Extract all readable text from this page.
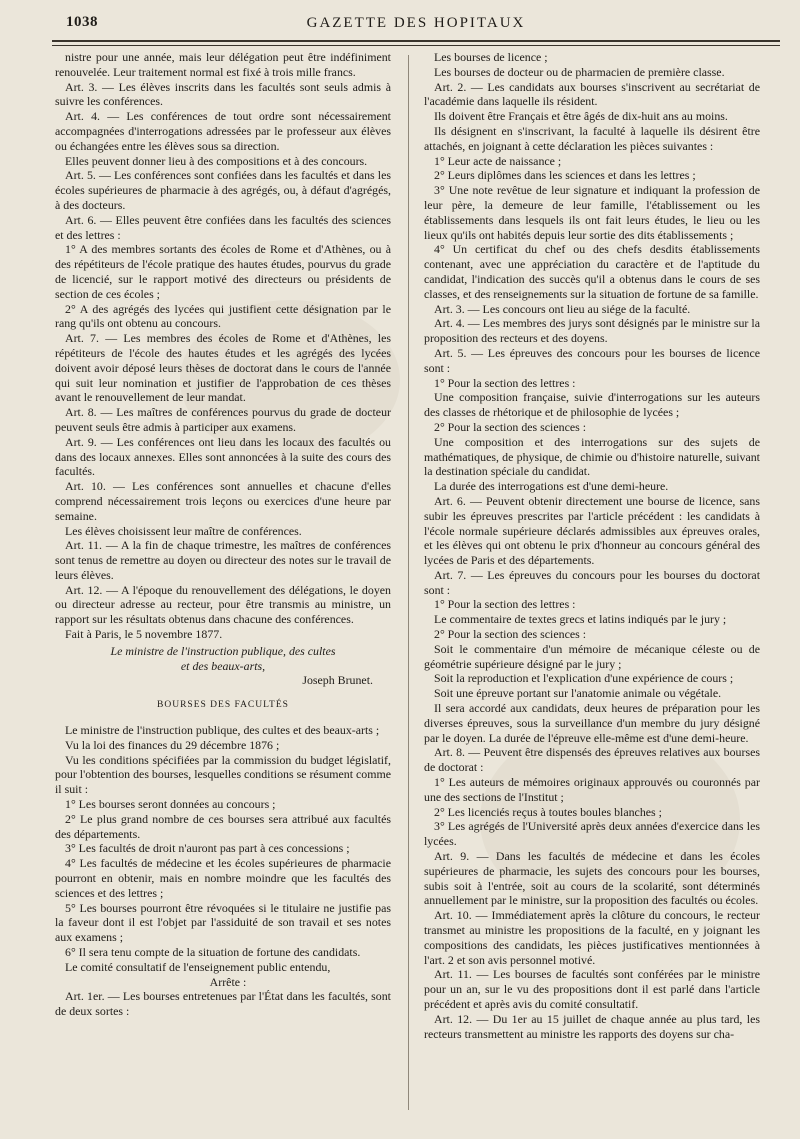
1038	GAZETTE DES HOPITAUX

nistre pour une année, mais leur délégation peut être indéfiniment renouvelée. Leur traitement normal est fixé à trois mille francs.

Art. 3. — Les élèves inscrits dans les facultés sont seuls admis à suivre les conférences.

Art. 4. — Les conférences de tout ordre sont nécessairement accompagnées d'interrogations adressées par le professeur aux élèves ou échangées entre les élèves sous sa direction.

Elles peuvent donner lieu à des compositions et à des concours.

Art. 5. — Les conférences sont confiées dans les facultés et dans les écoles supérieures de pharmacie à des agrégés, ou, à défaut d'agrégés, à des docteurs.

Art. 6. — Elles peuvent être confiées dans les facultés des sciences et des lettres :

1° A des membres sortants des écoles de Rome et d'Athènes, ou à des répétiteurs de l'école pratique des hautes études, pourvus du grade de licencié, sur le rapport motivé des directeurs ou présidents de section de ces écoles ;

2° A des agrégés des lycées qui justifient cette désignation par le rang qu'ils ont obtenu au concours.

Art. 7. — Les membres des écoles de Rome et d'Athènes, les répétiteurs de l'école des hautes études et les agrégés des lycées doivent avoir déposé leurs thèses de doctorat dans le cours de l'année qui suit leur nomination et justifier de l'approbation de ces thèses avant le renouvellement de leur mandat.

Art. 8. — Les maîtres de conférences pourvus du grade de docteur peuvent seuls être admis à participer aux examens.

Art. 9. — Les conférences ont lieu dans les locaux des facultés ou dans des locaux annexes. Elles sont annoncées à la suite des cours des facultés.

Art. 10. — Les conférences sont annuelles et chacune d'elles comprend nécessairement trois leçons ou exercices d'une heure par semaine.

Les élèves choisissent leur maître de conférences.

Art. 11. — A la fin de chaque trimestre, les maîtres de conférences sont tenus de remettre au doyen ou directeur des notes sur le travail de leurs élèves.

Art. 12. — A l'époque du renouvellement des délégations, le doyen ou directeur adresse au recteur, pour être transmis au ministre, un rapport sur les résultats obtenus dans chacune des conférences.

Fait à Paris, le 5 novembre 1877.

Le ministre de l'instruction publique, des cultes
et des beaux-arts,

Joseph Brunet.

BOURSES DES FACULTÉS

Le ministre de l'instruction publique, des cultes et des beaux-arts ;

Vu la loi des finances du 29 décembre 1876 ;

Vu les conditions spécifiées par la commission du budget législatif, pour l'obtention des bourses, lesquelles conditions se résument comme il suit :

1° Les bourses seront données au concours ;

2° Le plus grand nombre de ces bourses sera attribué aux facultés des départements.

3° Les facultés de droit n'auront pas part à ces concessions ;

4° Les facultés de médecine et les écoles supérieures de pharmacie pourront en obtenir, mais en nombre moindre que les facultés des sciences et des lettres ;

5° Les bourses pourront être révoquées si le titulaire ne justifie pas la faveur dont il est l'objet par l'assiduité de son travail et ses notes aux examens ;

6° Il sera tenu compte de la situation de fortune des candidats.

Le comité consultatif de l'enseignement public entendu,

Arrête :

Art. 1er. — Les bourses entretenues par l'État dans les facultés, sont de deux sortes :

Les bourses de licence ;

Les bourses de docteur ou de pharmacien de première classe.

Art. 2. — Les candidats aux bourses s'inscrivent au secrétariat de l'académie dans laquelle ils résident.

Ils doivent être Français et être âgés de dix-huit ans au moins.

Ils désignent en s'inscrivant, la faculté à laquelle ils désirent être attachés, en joignant à cette déclaration les pièces suivantes :

1° Leur acte de naissance ;

2° Leurs diplômes dans les sciences et dans les lettres ;

3° Une note revêtue de leur signature et indiquant la profession de leur père, la demeure de leur famille, l'établissement ou les établissements dans lesquels ils ont fait leurs études, le lieu ou les lieux qu'ils ont habités depuis leur sortie des dits établissements ;

4° Un certificat du chef ou des chefs desdits établissements contenant, avec une appréciation du caractère et de l'aptitude du candidat, l'indication des succès qu'il a obtenus dans le cours de ses classes, et des renseignements sur la situation de fortune de sa famille.

Art. 3. — Les concours ont lieu au siége de la faculté.

Art. 4. — Les membres des jurys sont désignés par le ministre sur la proposition des recteurs et des doyens.

Art. 5. — Les épreuves des concours pour les bourses de licence sont :

1° Pour la section des lettres :

Une composition française, suivie d'interrogations sur les auteurs des classes de rhétorique et de philosophie de lycées ;

2° Pour la section des sciences :

Une composition et des interrogations sur des sujets de mathématiques, de physique, de chimie ou d'histoire naturelle, suivant la destination spéciale du candidat.

La durée des interrogations est d'une demi-heure.

Art. 6. — Peuvent obtenir directement une bourse de licence, sans subir les épreuves prescrites par l'article précédent : les candidats à l'école normale supérieure déclarés admissibles aux épreuves orales, et les élèves qui ont obtenu le prix d'honneur au concours général des lycées de Paris et des départements.

Art. 7. — Les épreuves du concours pour les bourses du doctorat sont :

1° Pour la section des lettres :

Le commentaire de textes grecs et latins indiqués par le jury ;

2° Pour la section des sciences :

Soit le commentaire d'un mémoire de mécanique céleste ou de géométrie supérieure désigné par le jury ;

Soit la reproduction et l'explication d'une expérience de cours ;

Soit une épreuve portant sur l'anatomie animale ou végétale.

Il sera accordé aux candidats, deux heures de préparation pour les diverses épreuves, sous la surveillance d'un membre du jury désigné par le doyen. La durée de l'épreuve elle-même est d'une demi-heure.

Art. 8. — Peuvent être dispensés des épreuves relatives aux bourses de doctorat :

1° Les auteurs de mémoires originaux approuvés ou couronnés par une des sections de l'Institut ;

2° Les licenciés reçus à toutes boules blanches ;

3° Les agrégés de l'Université après deux années d'exercice dans les lycées.

Art. 9. — Dans les facultés de médecine et dans les écoles supérieures de pharmacie, les sujets des concours pour les bourses, subis soit à l'entrée, soit au cours de la scolarité, sont déterminés annuellement par le ministre, sur la proposition des facultés ou écoles.

Art. 10. — Immédiatement après la clôture du concours, le recteur transmet au ministre les propositions de la faculté, en y joignant les compositions des candidats, les pièces justificatives mentionnées à l'art. 2 et son avis personnel motivé.

Art. 11. — Les bourses de facultés sont conférées par le ministre pour un an, sur le vu des propositions dont il est parlé dans l'article précédent et après avis du comité consultatif.

Art. 12. — Du 1er au 15 juillet de chaque année au plus tard, les recteurs transmettent au ministre les rapports des doyens sur cha-
